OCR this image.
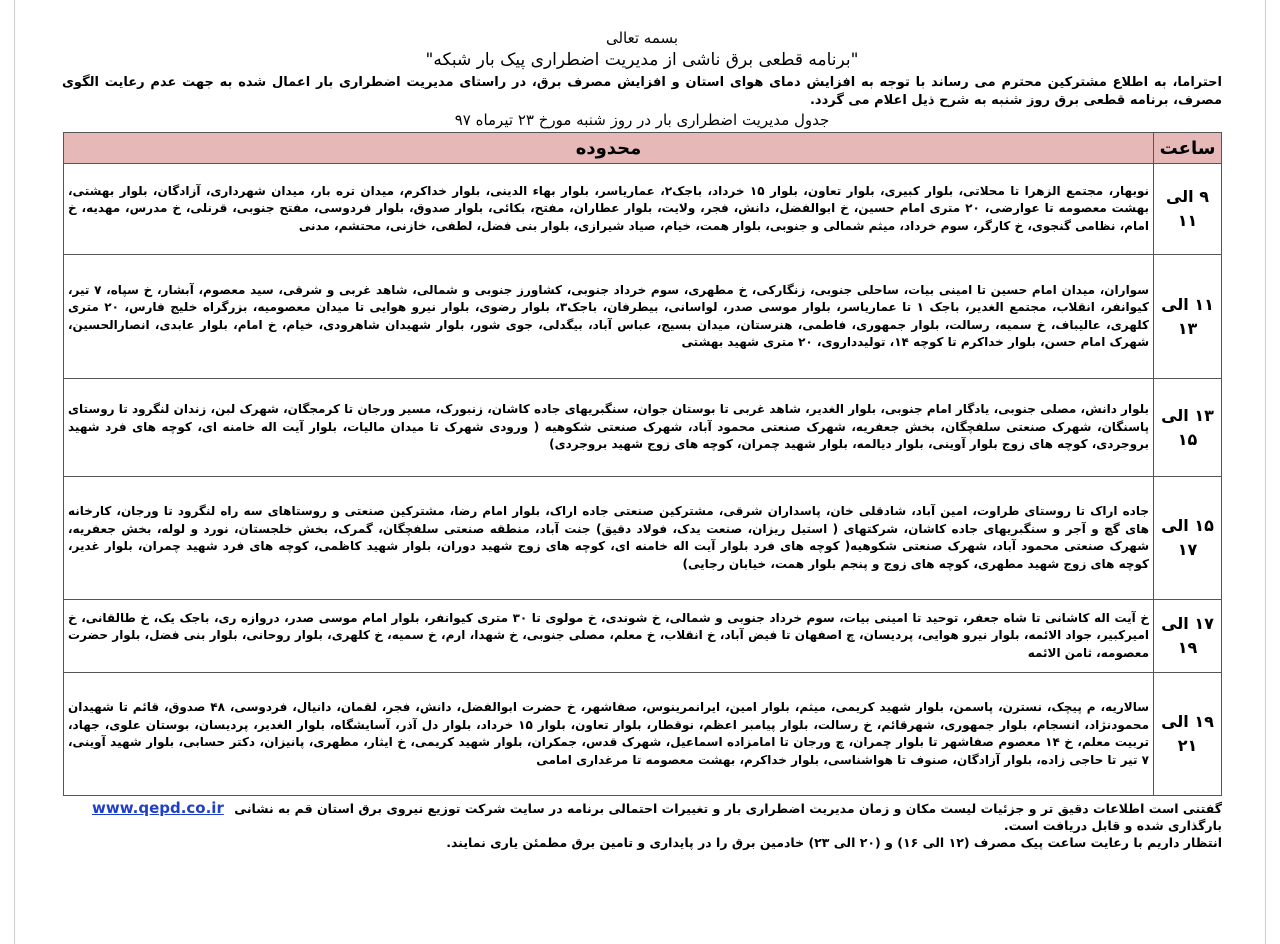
بسمه تعالی

"برنامه قطعی برق ناشی از مدیریت اضطراری پیک بار شبکه"

احتراما، به اطلاع مشترکین محترم می رساند با توجه به افزایش دمای هوای استان و افزایش مصرف برق، در راستای مدیریت اضطراری بار اعمال شده به جهت عدم رعایت الگوی مصرف، برنامه قطعی برق روز شنبه به شرح ذیل اعلام می گردد.

جدول مدیریت اضطراری بار در روز شنبه مورخ ۲۳ تیرماه ۹۷

ساعت	محدوده
۹ الی ۱۱	نوبهار، مجتمع الزهرا تا محلاتی، بلوار کبیری، بلوار تعاون، بلوار ۱۵ خرداد، باجک۲، عمارياسر، بلوار بهاء الدینی، بلوار خداکرم، میدان تره بار، میدان شهرداری، آزادگان، بلوار بهشتی، بهشت معصومه تا عوارضی، ۲۰ متری امام حسین، خ ابوالفضل، دانش، فجر، ولایت، بلوار عطاران، مفتح، بکائی، بلوار صدوق، بلوار فردوسی، مفتح جنوبی، قرنلی، خ مدرس، مهدیه، خ امام، نظامی گنجوی، خ کارگر، سوم خرداد، میثم شمالی و جنوبی، بلوار همت، خیام، صیاد شیرازی، بلوار بنی فضل، لطفی، خازنی، محتشم، مدنی
۱۱ الی ۱۳	سواران، میدان امام حسین تا امینی بیات، ساحلی جنوبی، زنگارکی، خ مطهری، سوم خرداد جنوبی، کشاورز جنوبی و شمالی، شاهد غربی و شرقی، سید معصوم، آبشار، خ سپاه، ۷ تیر، کیوانفر، انقلاب، مجتمع الغدیر، باجک ۱ تا عمارياسر، بلوار موسی صدر، لواسانی، بیطرفان، باجک۳، بلوار رضوی، بلوار نیرو هوایی تا میدان معصومیه، بزرگراه خلیج فارس، ۲۰ متری کلهری، عالیباف، خ سمیه، رسالت، بلوار جمهوری، فاطمی، هنرستان، میدان بسیج، عباس آباد، بیگدلی، جوی شور، بلوار شهیدان شاهرودی، خیام، خ امام، بلوار عابدی، انصارالحسین، شهرک امام حسن، بلوار خداکرم تا کوچه ۱۴، تولیدداروی، ۲۰ متری شهید بهشتی
۱۳ الی ۱۵	بلوار دانش، مصلی جنوبی، یادگار امام جنوبی، بلوار الغدیر، شاهد غربی تا بوستان جوان، سنگبریهای جاده کاشان، زنبورک، مسیر ورجان تا کرمجگان، شهرک لبن، زندان لنگرود تا روستای پاسنگان، شهرک صنعتی سلفچگان، بخش جعفریه، شهرک صنعتی محمود آباد، شهرک صنعتی شکوهیه ( ورودی شهرک تا میدان مالیات، بلوار آیت اله خامنه ای، کوچه های فرد شهید بروجردی، کوچه های زوج بلوار آوینی، بلوار دیالمه، بلوار شهید چمران، کوچه های زوج شهید بروجردی)
۱۵ الی ۱۷	جاده اراک تا روستای طراوت، امین آباد، شادقلی خان، پاسداران شرقی، مشترکین صنعتی جاده اراک، بلوار امام رضا، مشترکین صنعتی و روستاهای سه راه لنگرود تا ورجان، کارخانه های گچ و آجر و سنگبریهای جاده کاشان، شرکتهای ( استیل ریزان، صنعت یدک، فولاد دقیق) جنت آباد، منطقه صنعتی سلفچگان، گمرک، بخش خلجستان، نورد و لوله، بخش جعفریه، شهرک صنعتی محمود آباد، شهرک صنعتی شکوهیه( کوچه های فرد بلوار آیت اله خامنه ای، کوچه های زوج شهید دوران، بلوار شهید کاظمی، کوچه های فرد شهید چمران، بلوار غدیر، کوچه های زوج شهید مطهری، کوچه های زوج و پنجم بلوار همت، خیابان رجایی)
۱۷ الی ۱۹	خ آیت اله کاشانی تا شاه جعفر، توحید تا امینی بیات، سوم خرداد جنوبی و شمالی، خ شوندی، خ مولوی تا ۳۰ متری کیوانفر، بلوار امام موسی صدر، دروازه ری، باجک یک، خ طالقانی، خ امیرکبیر، جواد الائمه، بلوار نیرو هوایی، پردیسان، چ اصفهان تا فیض آباد، خ انقلاب، خ معلم، مصلی جنوبی، خ شهدا، ارم، خ سمیه، خ کلهری، بلوار روحانی، بلوار بنی فضل، بلوار حضرت معصومه، ثامن الائمه
۱۹ الی ۲۱	سالاریه، م پیچک، نسترن، پاسمن، بلوار شهید کریمی، میثم، بلوار امین، ایرانمرینوس، صفاشهر، خ حضرت ابوالفضل، دانش، فجر، لقمان، دانیال، فردوسی، ۴۸ صدوق، قائم تا شهیدان محمودنژاد، انسجام، بلوار جمهوری، شهرقائم، خ رسالت، بلوار پیامبر اعظم، نوقطار، بلوار تعاون، بلوار ۱۵ خرداد، بلوار دل آذر، آسایشگاه، بلوار الغدیر، پردیسان، بوستان علوی، جهاد، تربیت معلم، خ ۱۴ معصوم صفاشهر تا بلوار چمران، چ ورجان تا امامزاده اسماعیل، شهرک قدس، جمکران، بلوار شهید کریمی، خ ایثار، مطهری، پانیزان، دکتر حسابی، بلوار شهید آوینی، ۷ تیر تا حاجی زاده، بلوار آزادگان، صنوف تا هواشناسی، بلوار خداکرم، بهشت معصومه تا مرغداری امامی

گفتنی است اطلاعات دقیق تر و جزئیات لیست مکان و زمان مدیریت اضطراری بار و تغییرات احتمالی برنامه در سایت شرکت توزیع نیروی برق استان قم به نشانی www.qepd.co.ir بارگذاری شده و قابل دریافت است.

انتظار داریم با رعایت ساعت پیک مصرف (۱۲ الی ۱۶) و (۲۰ الی ۲۳) خادمین برق را در پایداری و تامین برق مطمئن یاری نمایند.
